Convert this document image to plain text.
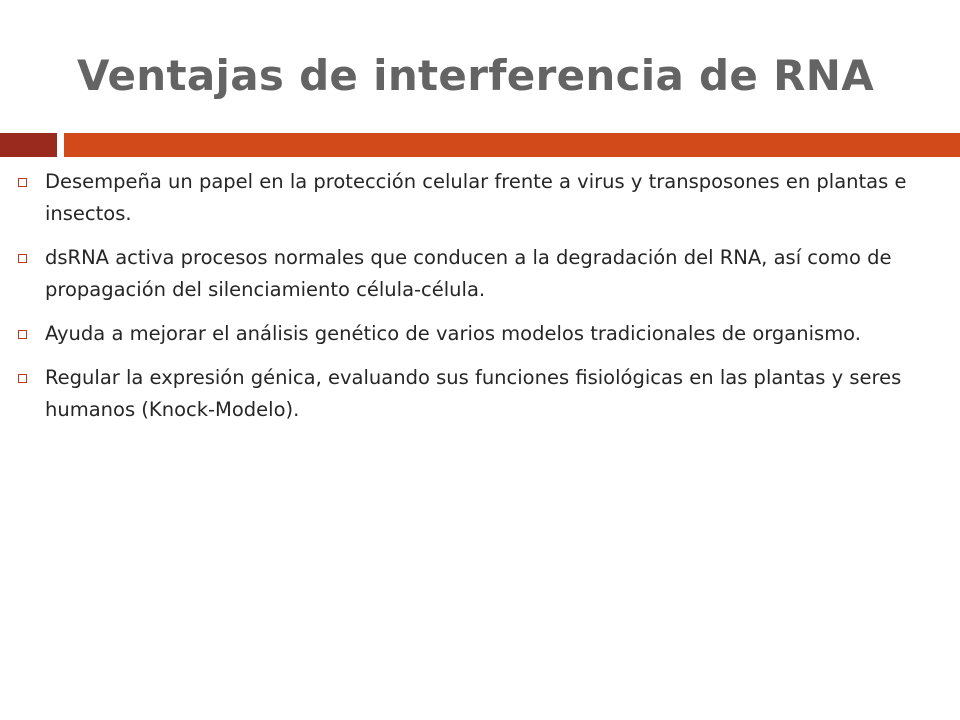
Ventajas de interferencia de RNA
Desempeña un papel en la protección celular frente a virus y transposones en plantas e insectos.
dsRNA activa procesos normales que conducen a la degradación del RNA, así como de propagación del silenciamiento célula-célula.
Ayuda a mejorar el análisis genético de varios modelos tradicionales de organismo.
Regular la expresión génica, evaluando sus funciones fisiológicas en las plantas y seres humanos (Knock-Modelo).
